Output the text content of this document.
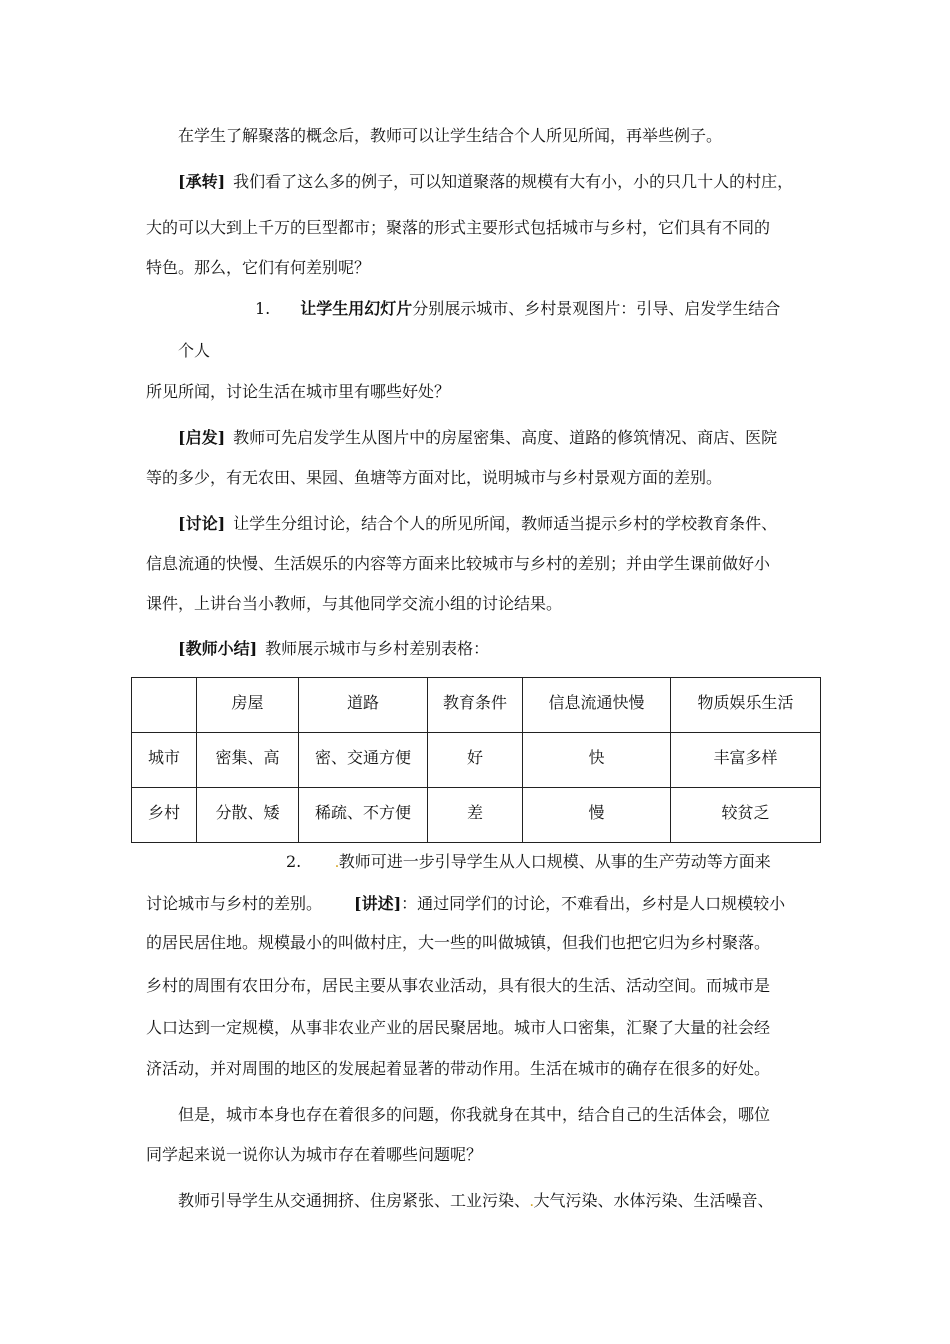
在学生了解聚落的概念后，教师可以让学生结合个人所见所闻，再举些例子。
[承转] 我们看了这么多的例子，可以知道聚落的规模有大有小，小的只几十人的村庄，
大的可以大到上千万的巨型都市；聚落的形式主要形式包括城市与乡村，它们具有不同的
特色。那么，它们有何差别呢？
1. 让学生用幻灯片分别展示城市、乡村景观图片：引导、启发学生结合
个人
所见所闻，讨论生活在城市里有哪些好处？
[启发] 教师可先启发学生从图片中的房屋密集、高度、道路的修筑情况、商店、医院
等的多少，有无农田、果园、鱼塘等方面对比，说明城市与乡村景观方面的差别。
[讨论] 让学生分组讨论，结合个人的所见所闻，教师适当提示乡村的学校教育条件、
信息流通的快慢、生活娱乐的内容等方面来比较城市与乡村的差别；并由学生课前做好小
课件，上讲台当小教师，与其他同学交流小组的讨论结果。
[教师小结] 教师展示城市与乡村差别表格：
	房屋	道路	教育条件	信息流通快慢	物质娱乐生活
城市	密集、高	密、交通方便	好	快	丰富多样
乡村	分散、矮	稀疏、不方便	差	慢	较贫乏
2.	.教师可进一步引导学生从人口规模、从事的生产劳动等方面来
讨论城市与乡村的差别。 [讲述]：通过同学们的讨论，不难看出，乡村是人口规模较小
的居民居住地。规模最小的叫做村庄，大一些的叫做城镇，但我们也把它归为乡村聚落。
乡村的周围有农田分布，居民主要从事农业活动，具有很大的生活、活动空间。而城市是
人口达到一定规模，从事非农业产业的居民聚居地。城市人口密集，汇聚了大量的社会经
济活动，并对周围的地区的发展起着显著的带动作用。生活在城市的确存在很多的好处。
但是，城市本身也存在着很多的问题，你我就身在其中，结合自己的生活体会，哪位
同学起来说一说你认为城市存在着哪些问题呢？
教师引导学生从交通拥挤、住房紧张、工业污染、.大气污染、水体污染、生活噪音、
